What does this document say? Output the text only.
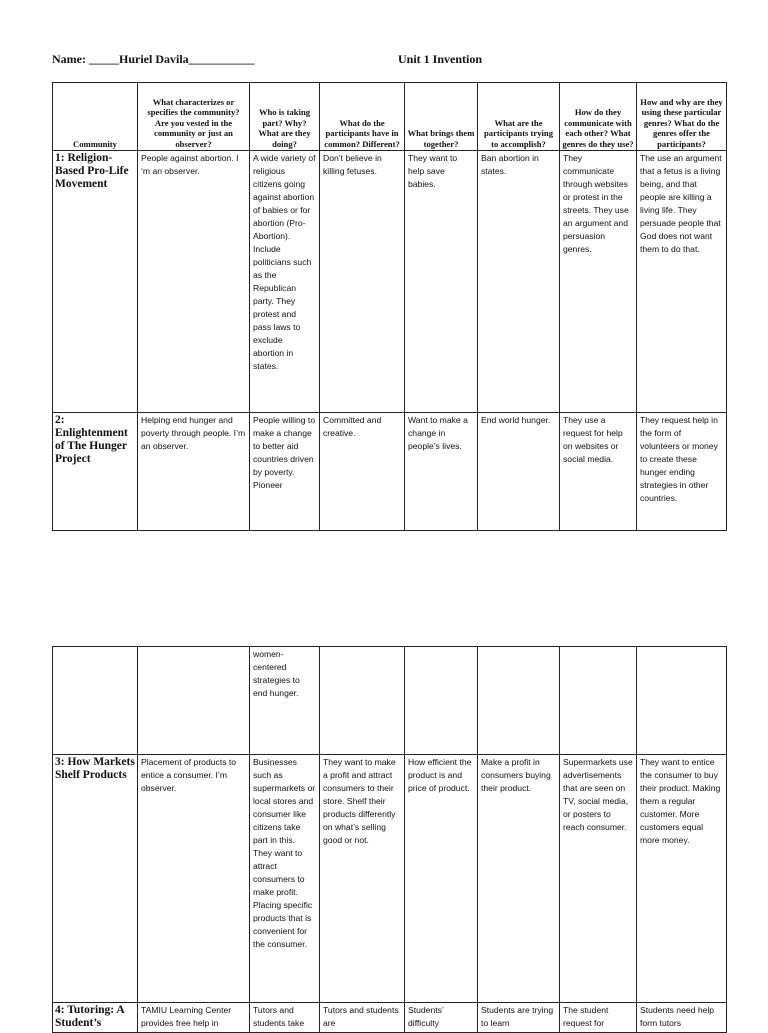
Name: _____Huriel Davila___________	Unit 1 Invention
Community	What characterizes or specifies the community? Are you vested in the community or just an observer?	Who is taking part? Why? What are they doing?	What do the participants have in common? Different?	What brings them together?	What are the participants trying to accomplish?	How do they communicate with each other? What genres do they use?	How and why are they using these particular genres? What do the genres offer the participants?
1: Religion-Based Pro-Life Movement	People against abortion. I ‘m an observer.	A wide variety of religious citizens going against abortion of babies or for abortion (Pro-Abortion). Include politicians such as the Republican party. They protest and pass laws to exclude abortion in states.	Don’t believe in killing fetuses.	They want to help save babies.	Ban abortion in states.	They communicate through websites or protest in the streets. They use an argument and persuasion genres.	The use an argument that a fetus is a living being, and that people are killing a living life. They persuade people that God does not want them to do that.
2: Enlightenment of The Hunger Project	Helping end hunger and poverty through people. I’m an observer.	People willing to make a change to better aid countries driven by poverty. Pioneer	Committed and creative.	Want to make a change in people’s lives.	End world hunger.	They use a request for help on websites or social media.	They request help in the form of volunteers or money to create these hunger ending strategies in other countries.
		women-centered strategies to end hunger.					
3: How Markets Shelf Products	Placement of products to entice a consumer. I’m observer.	Businesses such as supermarkets or local stores and consumer like citizens take part in this. They want to attract consumers to make profit. Placing specific products that is convenient for the consumer.	They want to make a profit and attract consumers to their store. Shelf their products differently on what’s selling good or not.	How efficient the product is and price of product.	Make a profit in consumers buying their product.	Supermarkets use advertisements that are seen on TV, social media, or posters to reach consumer.	They want to entice the consumer to buy their product. Making them a regular customer. More customers equal more money.
4: Tutoring: A Student’s	TAMIU Learning Center provides free help in	Tutors and students take	Tutors and students are	Students’ difficulty	Students are trying to learn	The student request for	Students need help form tutors
